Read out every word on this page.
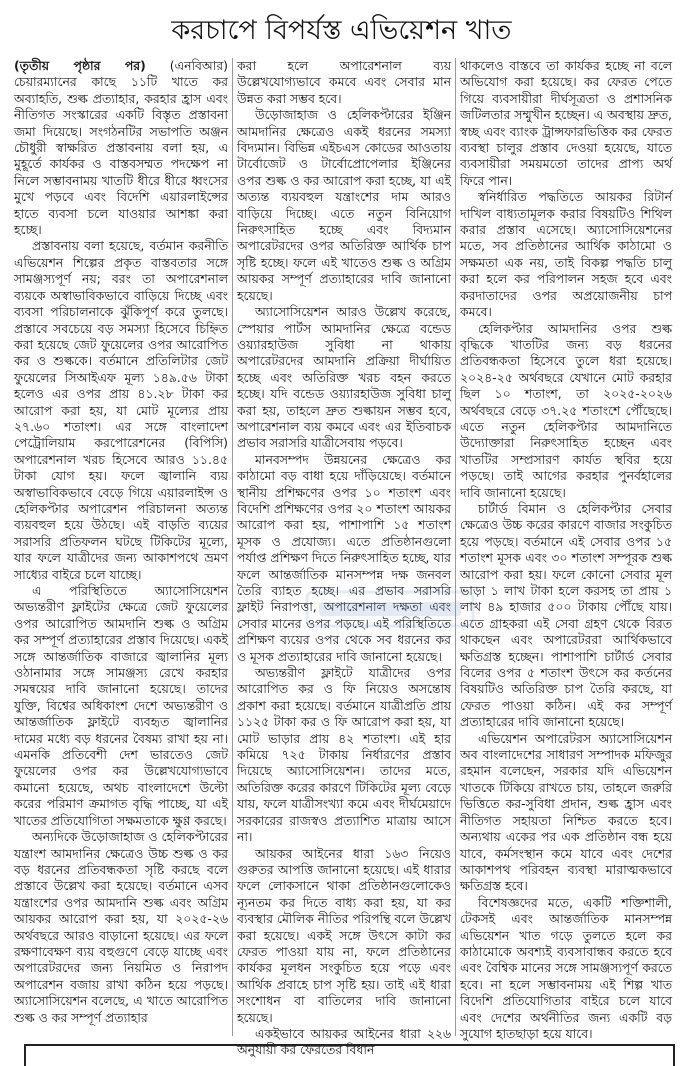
করচাপে বিপর্যস্ত এভিয়েশন খাত

(তৃতীয় পৃষ্ঠার পর) (এনবিআর) চেয়ারম্যানের কাছে ১১টি খাতে কর অব্যাহতি, শুল্ক প্রত্যাহার, করহার হ্রাস এবং নীতিগত সংস্কারের একটি বিস্তৃত প্রস্তাবনা জমা দিয়েছে। সংগঠনটির সভাপতি অঞ্জন চৌধুরী স্বাক্ষরিত প্রস্তাবনায় বলা হয়, এ মুহূর্তে কার্যকর ও বাস্তবসম্মত পদক্ষেপ না নিলে সম্ভাবনাময় খাতটি ধীরে ধীরে ধ্বংসের মুখে পড়বে এবং বিদেশি এয়ারলাইন্সের হাতে ব্যবসা চলে যাওয়ার আশঙ্কা করা হচ্ছে।

প্রস্তাবনায় বলা হয়েছে, বর্তমান করনীতি এভিয়েশন শিল্পের প্রকৃত বাস্তবতার সঙ্গে সামঞ্জস্যপূর্ণ নয়; বরং তা অপারেশনাল ব্যয়কে অস্বাভাবিকভাবে বাড়িয়ে দিচ্ছে এবং ব্যবসা পরিচালনাকে ঝুঁকিপূর্ণ করে তুলছে। প্রস্তাবে সবচেয়ে বড় সমস্যা হিসেবে চিহ্নিত করা হয়েছে জেট ফুয়েলের ওপর আরোপিত কর ও শুল্ককে। বর্তমানে প্রতিলিটার জেট ফুয়েলের সিআইএফ মূল্য ১৪৯.৫৬ টাকা হলেও এর ওপর প্রায় ৪১.২৮ টাকা কর আরোপ করা হয়, যা মোট মূল্যের প্রায় ২৭.৬০ শতাংশ। এর সঙ্গে বাংলাদেশ পেট্রোলিয়াম করপোরেশনের (বিপিসি) অপারেশনাল খরচ হিসেবে আরও ১১.৪৫ টাকা যোগ হয়। ফলে জ্বালানি ব্যয় অস্বাভাবিকভাবে বেড়ে গিয়ে এয়ারলাইন্স ও হেলিকপ্টার অপারেশন পরিচালনা অত্যন্ত ব্যয়বহুল হয়ে উঠছে। এই বাড়তি ব্যয়ের সরাসরি প্রতিফলন ঘটছে টিকিটের মূল্যে, যার ফলে যাত্রীদের জন্য আকাশপথে ভ্রমণ সাধ্যের বাইরে চলে যাচ্ছে।

এ পরিস্থিতিতে অ্যাসোসিয়েশন অভ্যন্তরীণ ফ্লাইটের ক্ষেত্রে জেট ফুয়েলের ওপর আরোপিত আমদানি শুল্ক ও অগ্রিম কর সম্পূর্ণ প্রত্যাহারের প্রস্তাব দিয়েছে। একই সঙ্গে আন্তর্জাতিক বাজারে জ্বালানির মূল্য ওঠানামার সঙ্গে সামঞ্জস্য রেখে করহার সমন্বয়ের দাবি জানানো হয়েছে। তাদের যুক্তি, বিশ্বের অধিকাংশ দেশে অভ্যন্তরীণ ও আন্তর্জাতিক ফ্লাইটে ব্যবহৃত জ্বালানির দামের মধ্যে বড় ধরনের বৈষম্য রাখা হয় না। এমনকি প্রতিবেশী দেশ ভারতেও জেট ফুয়েলের ওপর কর উল্লেখযোগ্যভাবে কমানো হয়েছে, অথচ বাংলাদেশে উল্টো করের পরিমাণ ক্রমাগত বৃদ্ধি পাচ্ছে, যা এই খাতের প্রতিযোগিতা সক্ষমতাকে ক্ষুণ্ণ করছে।

অন্যদিকে উড়োজাহাজ ও হেলিকপ্টারের যন্ত্রাংশ আমদানির ক্ষেত্রেও উচ্চ শুল্ক ও কর বড় ধরনের প্রতিবন্ধকতা সৃষ্টি করছে বলে প্রস্তাবে উল্লেখ করা হয়েছে। বর্তমানে এসব যন্ত্রাংশের ওপর আমদানি শুল্ক এবং অগ্রিম আয়কর আরোপ করা হয়, যা ২০২৫-২৬ অর্থবছরে আরও বাড়ানো হয়েছে। এর ফলে রক্ষণাবেক্ষণ ব্যয় বহুগুণে বেড়ে যাচ্ছে এবং অপারেটরদের জন্য নিয়মিত ও নিরাপদ অপারেশন বজায় রাখা কঠিন হয়ে পড়ছে। অ্যাসোসিয়েশন বলেছে, এ খাতে আরোপিত শুল্ক ও কর সম্পূর্ণ প্রত্যাহার

করা হলে অপারেশনাল ব্যয় উল্লেখযোগ্যভাবে কমবে এবং সেবার মান উন্নত করা সম্ভব হবে।

উড়োজাহাজ ও হেলিকপ্টারের ইঞ্জিন আমদানির ক্ষেত্রেও একই ধরনের সমস্যা বিদ্যমান। বিভিন্ন এইচএস কোডের আওতায় টার্বোজেট ও টার্বোপ্রোপেলার ইঞ্জিনের ওপর শুল্ক ও কর আরোপ করা হচ্ছে, যা এই অত্যন্ত ব্যয়বহুল যন্ত্রাংশের দাম আরও বাড়িয়ে দিচ্ছে। এতে নতুন বিনিয়োগ নিরুৎসাহিত হচ্ছে এবং বিদ্যমান অপারেটরদের ওপর অতিরিক্ত আর্থিক চাপ সৃষ্টি হচ্ছে। ফলে এই খাতেও শুল্ক ও অগ্রিম আয়কর সম্পূর্ণ প্রত্যাহারের দাবি জানানো হয়েছে।

অ্যাসোসিয়েশন আরও উল্লেখ করেছে, স্পেয়ার পার্টস আমদানির ক্ষেত্রে বন্ডেড ওয়্যারহাউজ সুবিধা না থাকায় অপারেটরদের আমদানি প্রক্রিয়া দীর্ঘায়িত হচ্ছে এবং অতিরিক্ত খরচ বহন করতে হচ্ছে। যদি বন্ডেড ওয়্যারহাউজ সুবিধা চালু করা হয়, তাহলে দ্রুত শুল্কায়ন সম্ভব হবে, অপারেশনাল ব্যয় কমবে এবং এর ইতিবাচক প্রভাব সরাসরি যাত্রীসেবায় পড়বে।

মানবসম্পদ উন্নয়নের ক্ষেত্রেও কর কাঠামো বড় বাধা হয়ে দাঁড়িয়েছে। বর্তমানে স্থানীয় প্রশিক্ষণের ওপর ১০ শতাংশ এবং বিদেশি প্রশিক্ষণের ওপর ২০ শতাংশ আয়কর আরোপ করা হয়, পাশাপাশি ১৫ শতাংশ মূসক ও প্রযোজ্য। এতে প্রতিষ্ঠানগুলো পর্যাপ্ত প্রশিক্ষণ দিতে নিরুৎসাহিত হচ্ছে, যার ফলে আন্তর্জাতিক মানসম্পন্ন দক্ষ জনবল তৈরি ব্যাহত হচ্ছে। এর প্রভাব সরাসরি ফ্লাইট নিরাপত্তা, অপারেশনাল দক্ষতা এবং সেবার মানের ওপর পড়ছে। এই পরিস্থিতিতে প্রশিক্ষণ ব্যয়ের ওপর থেকে সব ধরনের কর ও মূসক প্রত্যাহারের দাবি জানানো হয়েছে।

অভ্যন্তরীণ ফ্লাইটে যাত্রীদের ওপর আরোপিত কর ও ফি নিয়েও অসন্তোষ প্রকাশ করা হয়েছে। বর্তমানে যাত্রীপ্রতি প্রায় ১১২৫ টাকা কর ও ফি আরোপ করা হয়, যা মোট ভাড়ার প্রায় ৪২ শতাংশ। এই হার কমিয়ে ৭২৫ টাকায় নির্ধারণের প্রস্তাব দিয়েছে অ্যাসোসিয়েশন। তাদের মতে, অতিরিক্ত করের কারণে টিকিটের মূল্য বেড়ে যায়, ফলে যাত্রীসংখ্যা কমে এবং দীর্ঘমেয়াদে সরকারের রাজস্বও প্রত্যাশিত মাত্রায় আসে না।

আয়কর আইনের ধারা ১৬৩ নিয়েও গুরুতর আপত্তি জানানো হয়েছে। এই ধারার ফলে লোকসানে থাকা প্রতিষ্ঠানগুলোকেও ন্যূনতম কর দিতে বাধ্য করা হয়, যা কর ব্যবস্থার মৌলিক নীতির পরিপন্থি বলে উল্লেখ করা হয়েছে। একই সঙ্গে উৎসে কাটা কর ফেরত পাওয়া যায় না, ফলে প্রতিষ্ঠানের কার্যকর মূলধন সংকুচিত হয়ে পড়ে এবং আর্থিক প্রবাহে চাপ সৃষ্টি হয়। তাই এই ধারা সংশোধন বা বাতিলের দাবি জানানো হয়েছে।

একইভাবে আয়কর আইনের ধারা ২২৬ অনুযায়ী কর ফেরতের বিধান

থাকলেও বাস্তবে তা কার্যকর হচ্ছে না বলে অভিযোগ করা হয়েছে। কর ফেরত পেতে গিয়ে ব্যবসায়ীরা দীর্ঘসূত্রতা ও প্রশাসনিক জটিলতার সম্মুখীন হচ্ছেন। এ অবস্থায় দ্রুত, স্বচ্ছ এবং ব্যাংক ট্রান্সফারভিত্তিক কর ফেরত ব্যবস্থা চালুর প্রস্তাব দেওয়া হয়েছে, যাতে ব্যবসায়ীরা সময়মতো তাদের প্রাপ্য অর্থ ফিরে পান।

স্বনির্ধারিত পদ্ধতিতে আয়কর রিটার্ন দাখিল বাধ্যতামূলক করার বিষয়টিও শিথিল করার প্রস্তাব এসেছে। অ্যাসোসিয়েশনের মতে, সব প্রতিষ্ঠানের আর্থিক কাঠামো ও সক্ষমতা এক নয়, তাই বিকল্প পদ্ধতি চালু করা হলে কর পরিপালন সহজ হবে এবং করদাতাদের ওপর অপ্রয়োজনীয় চাপ কমবে।

হেলিকপ্টার আমদানির ওপর শুল্ক বৃদ্ধিকে খাতটির জন্য বড় ধরনের প্রতিবন্ধকতা হিসেবে তুলে ধরা হয়েছে। ২০২৪-২৫ অর্থবছরে যেখানে মোট করহার ছিল ১০ শতাংশ, তা ২০২৫-২০২৬ অর্থবছরে বেড়ে ৩৭.২৫ শতাংশে পৌঁছেছে। এতে নতুন হেলিকপ্টার আমদানিতে উদ্যোক্তারা নিরুৎসাহিত হচ্ছেন এবং খাতটির সম্প্রসারণ কার্যত স্থবির হয়ে পড়ছে। তাই আগের করহার পুনর্বহালের দাবি জানানো হয়েছে।

চার্টার্ড বিমান ও হেলিকপ্টার সেবার ক্ষেত্রেও উচ্চ করের কারণে বাজার সংকুচিত হয়ে পড়ছে। বর্তমানে এই সেবার ওপর ১৫ শতাংশ মূসক এবং ৩০ শতাংশ সম্পূরক শুল্ক আরোপ করা হয়। ফলে কোনো সেবার মূল ভাড়া ১ লাখ টাকা হলে করসহ তা প্রায় ১ লাখ ৪৯ হাজার ৫০০ টাকায় পৌঁছে যায়। এতে গ্রাহকরা এই সেবা গ্রহণ থেকে বিরত থাকছেন এবং অপারেটররা আর্থিকভাবে ক্ষতিগ্রস্ত হচ্ছেন। পাশাপাশি চার্টার্ড সেবার বিলের ওপর ৫ শতাংশ উৎসে কর কর্তনের বিষয়টিও অতিরিক্ত চাপ তৈরি করছে, যা ফেরত পাওয়া কঠিন। এই কর সম্পূর্ণ প্রত্যাহারের দাবি জানানো হয়েছে।

এভিয়েশন অপারেটরস অ্যাসোসিয়েশন অব বাংলাদেশের সাধারণ সম্পাদক মফিজুর রহমান বলেছেন, সরকার যদি এভিয়েশন খাতকে টিকিয়ে রাখতে চায়, তাহলে জরুরি ভিত্তিতে কর-সুবিধা প্রদান, শুল্ক হ্রাস এবং নীতিগত সহায়তা নিশ্চিত করতে হবে। অন্যথায় একের পর এক প্রতিষ্ঠান বন্ধ হয়ে যাবে, কর্মসংস্থান কমে যাবে এবং দেশের আকাশপথ পরিবহন ব্যবস্থা মারাত্মকভাবে ক্ষতিগ্রস্ত হবে।

বিশেষজ্ঞদের মতে, একটি শক্তিশালী, টেকসই এবং আন্তর্জাতিক মানসম্পন্ন এভিয়েশন খাত গড়ে তুলতে হলে কর কাঠামোকে অবশ্যই ব্যবসাবান্ধব করতে হবে এবং বৈশ্বিক মানের সঙ্গে সামঞ্জস্যপূর্ণ করতে হবে। না হলে সম্ভাবনাময় এই শিল্প খাত বিদেশি প্রতিযোগিতার বাইরে চলে যাবে এবং দেশের অর্থনীতির জন্য একটি বড় সুযোগ হাতছাড়া হয়ে যাবে।
